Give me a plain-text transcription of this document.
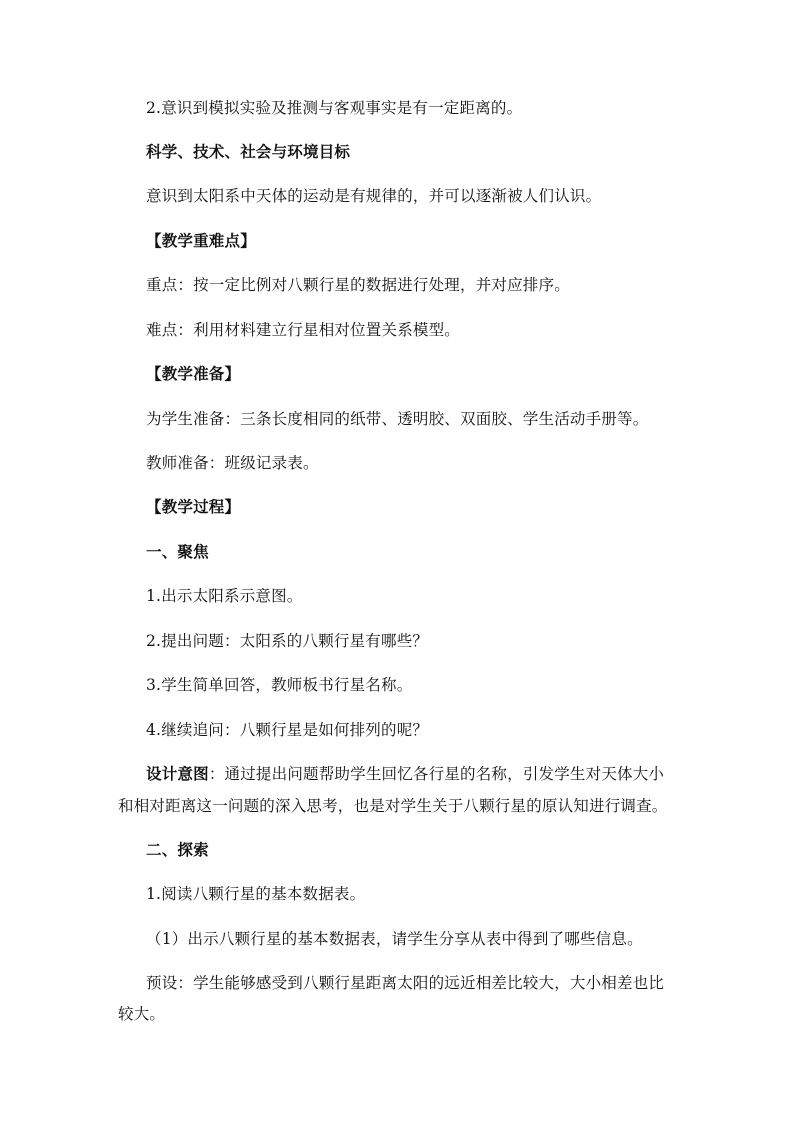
2.意识到模拟实验及推测与客观事实是有一定距离的。
科学、技术、社会与环境目标
意识到太阳系中天体的运动是有规律的，并可以逐渐被人们认识。
【教学重难点】
重点：按一定比例对八颗行星的数据进行处理，并对应排序。
难点：利用材料建立行星相对位置关系模型。
【教学准备】
为学生准备：三条长度相同的纸带、透明胶、双面胶、学生活动手册等。
教师准备：班级记录表。
【教学过程】
一、聚焦
1.出示太阳系示意图。
2.提出问题：太阳系的八颗行星有哪些？
3.学生简单回答，教师板书行星名称。
4.继续追问：八颗行星是如何排列的呢？
设计意图：通过提出问题帮助学生回忆各行星的名称，引发学生对天体大小
和相对距离这一问题的深入思考，也是对学生关于八颗行星的原认知进行调查。
二、探索
1.阅读八颗行星的基本数据表。
（1）出示八颗行星的基本数据表，请学生分享从表中得到了哪些信息。
预设：学生能够感受到八颗行星距离太阳的远近相差比较大，大小相差也比
较大。
